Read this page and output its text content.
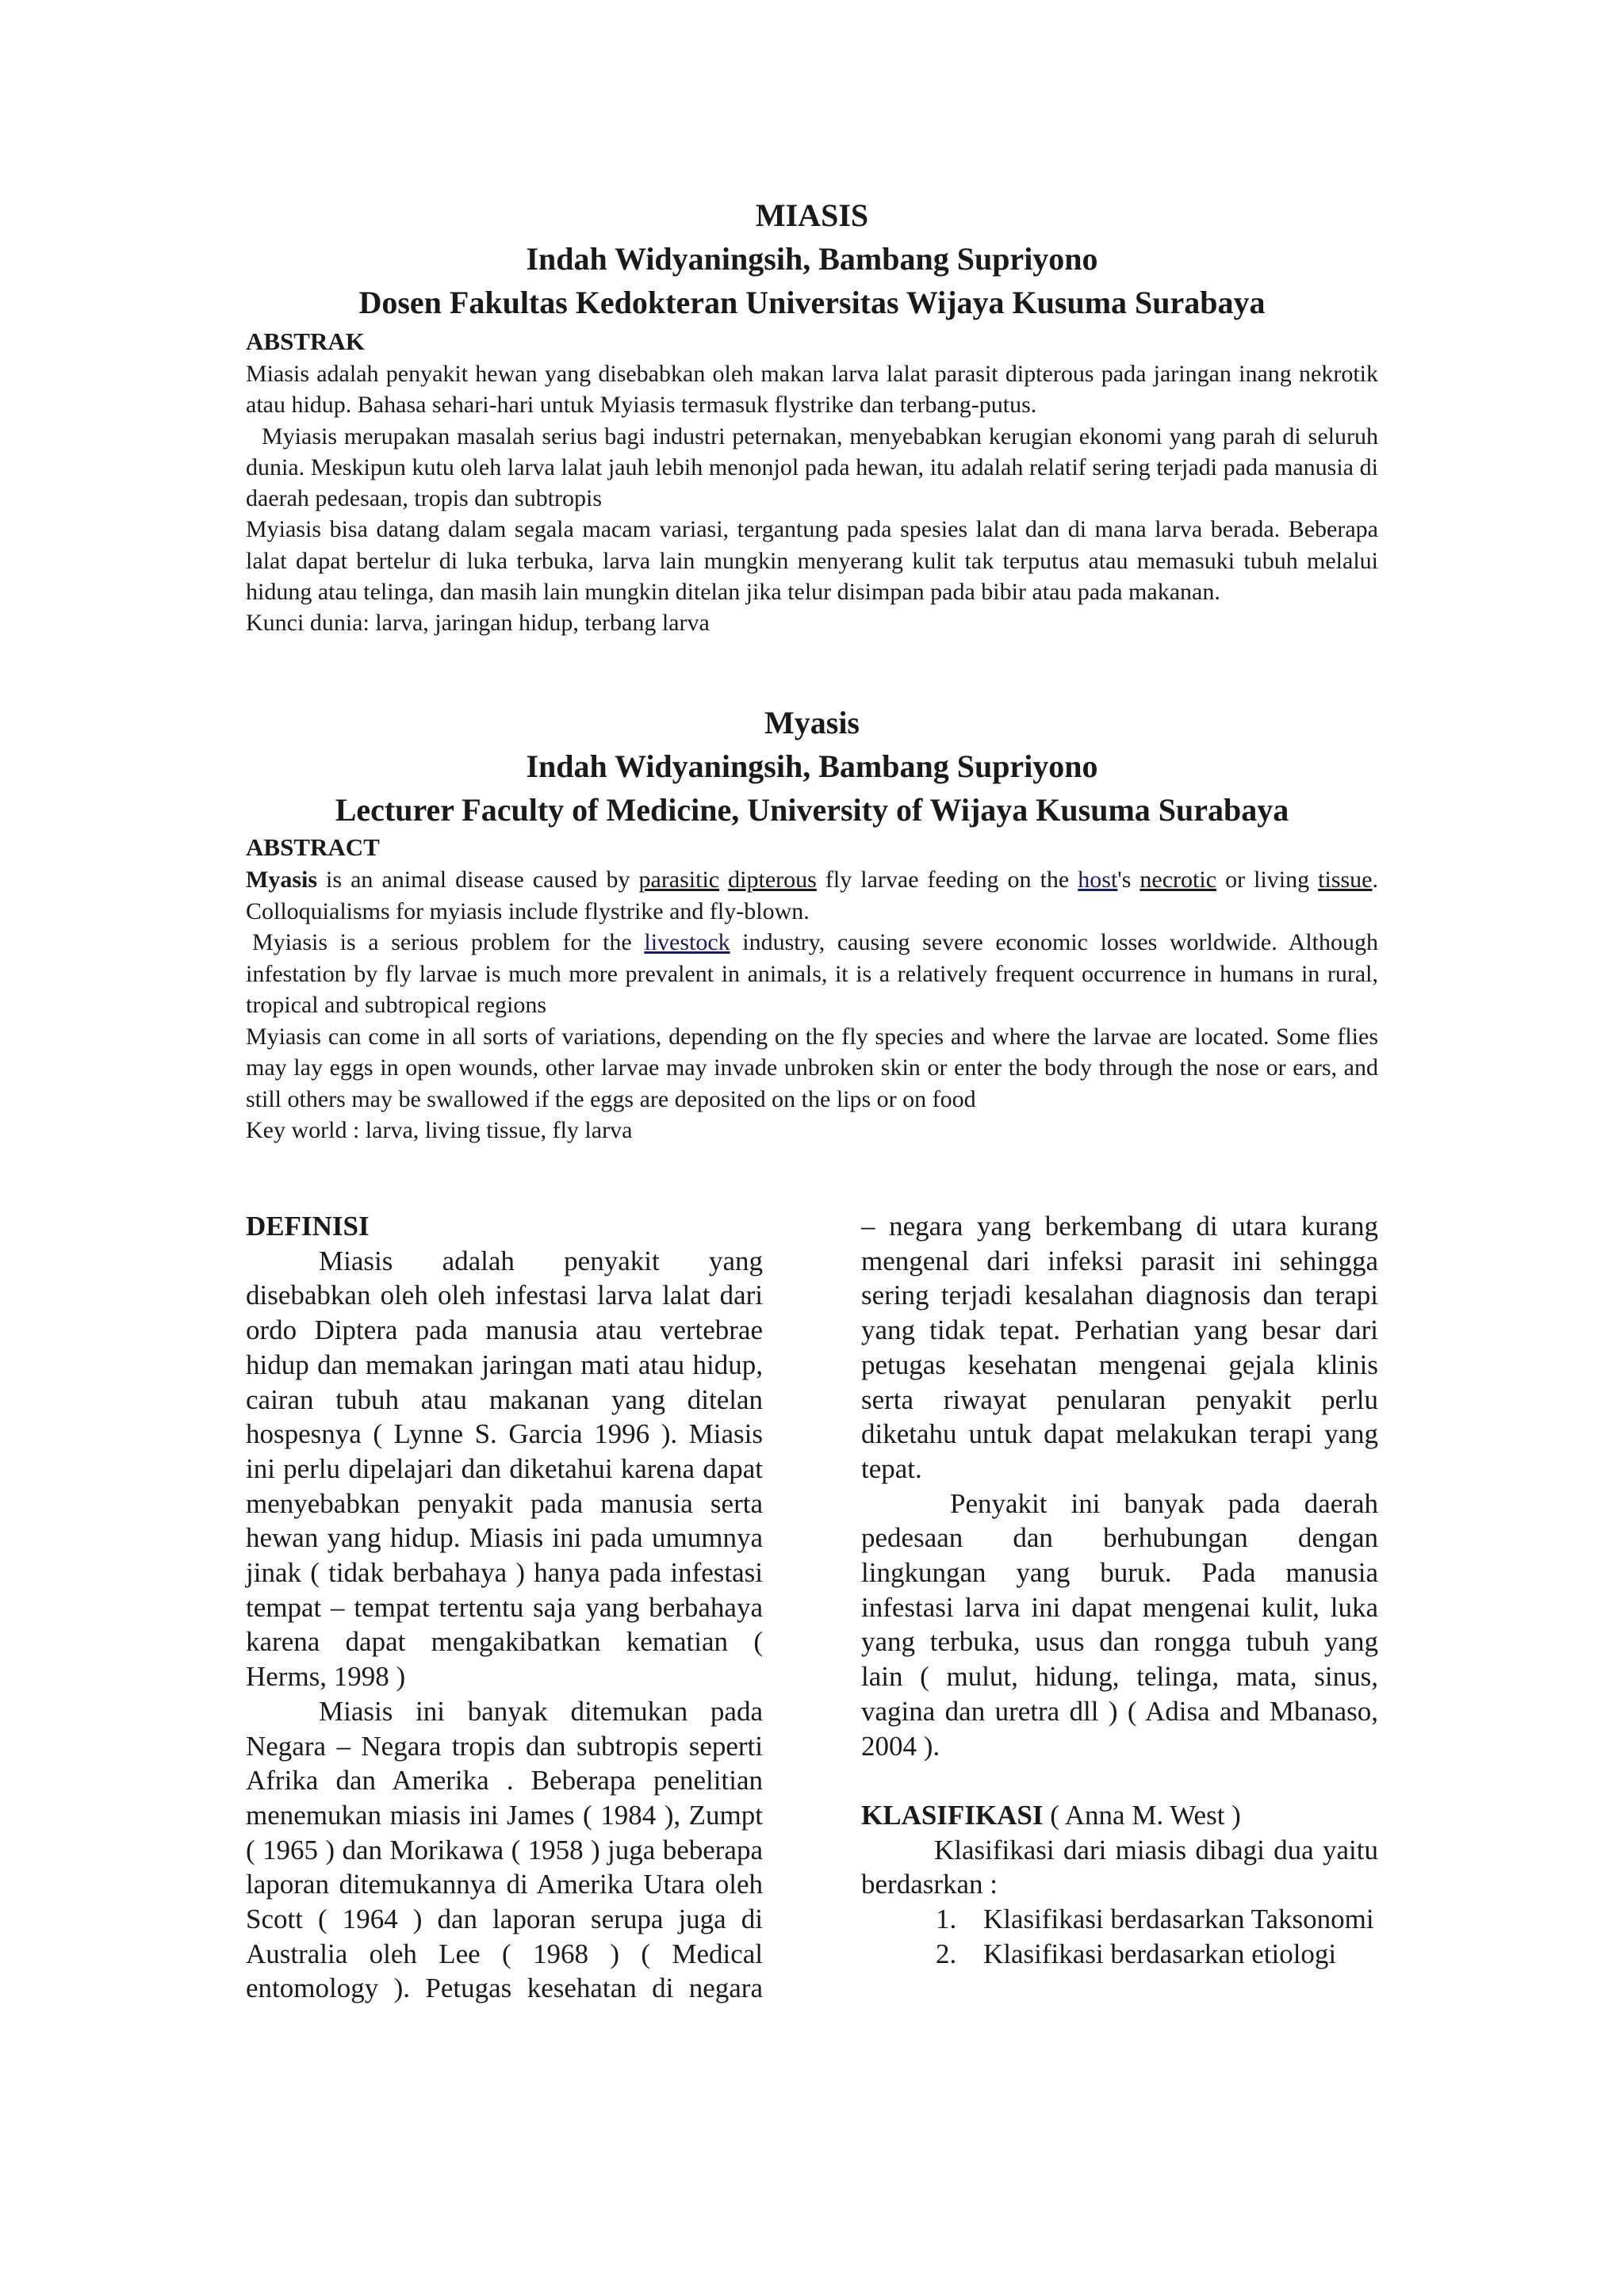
MIASIS
Indah Widyaningsih, Bambang Supriyono
Dosen Fakultas Kedokteran Universitas Wijaya Kusuma Surabaya
ABSTRAK

Miasis adalah penyakit hewan yang disebabkan oleh makan larva lalat parasit dipterous pada jaringan inang nekrotik atau hidup. Bahasa sehari-hari untuk Myiasis termasuk flystrike dan terbang-putus.

Myiasis merupakan masalah serius bagi industri peternakan, menyebabkan kerugian ekonomi yang parah di seluruh dunia. Meskipun kutu oleh larva lalat jauh lebih menonjol pada hewan, itu adalah relatif sering terjadi pada manusia di daerah pedesaan, tropis dan subtropis

Myiasis bisa datang dalam segala macam variasi, tergantung pada spesies lalat dan di mana larva berada. Beberapa lalat dapat bertelur di luka terbuka, larva lain mungkin menyerang kulit tak terputus atau memasuki tubuh melalui hidung atau telinga, dan masih lain mungkin ditelan jika telur disimpan pada bibir atau pada makanan.

Kunci dunia: larva, jaringan hidup, terbang larva

Myasis
Indah Widyaningsih, Bambang Supriyono
Lecturer Faculty of Medicine, University of Wijaya Kusuma Surabaya
ABSTRACT

Myasis is an animal disease caused by parasitic dipterous fly larvae feeding on the host's necrotic or living tissue. Colloquialisms for myiasis include flystrike and fly-blown.

Myiasis is a serious problem for the livestock industry, causing severe economic losses worldwide. Although infestation by fly larvae is much more prevalent in animals, it is a relatively frequent occurrence in humans in rural, tropical and subtropical regions

Myiasis can come in all sorts of variations, depending on the fly species and where the larvae are located. Some flies may lay eggs in open wounds, other larvae may invade unbroken skin or enter the body through the nose or ears, and still others may be swallowed if the eggs are deposited on the lips or on food

Key world : larva, living tissue, fly larva

DEFINISI

Miasis adalah penyakit yang disebabkan oleh oleh infestasi larva lalat dari ordo Diptera pada manusia atau vertebrae hidup dan memakan jaringan mati atau hidup, cairan tubuh atau makanan yang ditelan hospesnya ( Lynne S. Garcia 1996 ). Miasis ini perlu dipelajari dan diketahui karena dapat menyebabkan penyakit pada manusia serta hewan yang hidup. Miasis ini pada umumnya jinak ( tidak berbahaya ) hanya pada infestasi tempat – tempat tertentu saja yang berbahaya karena dapat mengakibatkan kematian ( Herms, 1998 )

Miasis ini banyak ditemukan pada Negara – Negara tropis dan subtropis seperti Afrika dan Amerika . Beberapa penelitian menemukan miasis ini James ( 1984 ), Zumpt ( 1965 ) dan Morikawa ( 1958 ) juga beberapa laporan ditemukannya di Amerika Utara oleh Scott ( 1964 ) dan laporan serupa juga di Australia oleh Lee ( 1968 ) ( Medical entomology ). Petugas kesehatan di negara

– negara yang berkembang di utara kurang mengenal dari infeksi parasit ini sehingga sering terjadi kesalahan diagnosis dan terapi yang tidak tepat. Perhatian yang besar dari petugas kesehatan mengenai gejala klinis serta riwayat penularan penyakit perlu diketahu untuk dapat melakukan terapi yang tepat.

Penyakit ini banyak pada daerah pedesaan dan berhubungan dengan lingkungan yang buruk. Pada manusia infestasi larva ini dapat mengenai kulit, luka yang terbuka, usus dan rongga tubuh yang lain ( mulut, hidung, telinga, mata, sinus, vagina dan uretra dll ) ( Adisa and Mbanaso, 2004 ).

KLASIFIKASI ( Anna M. West )

Klasifikasi dari miasis dibagi dua yaitu berdasrkan :

1. Klasifikasi berdasarkan Taksonomi
2. Klasifikasi berdasarkan etiologi
